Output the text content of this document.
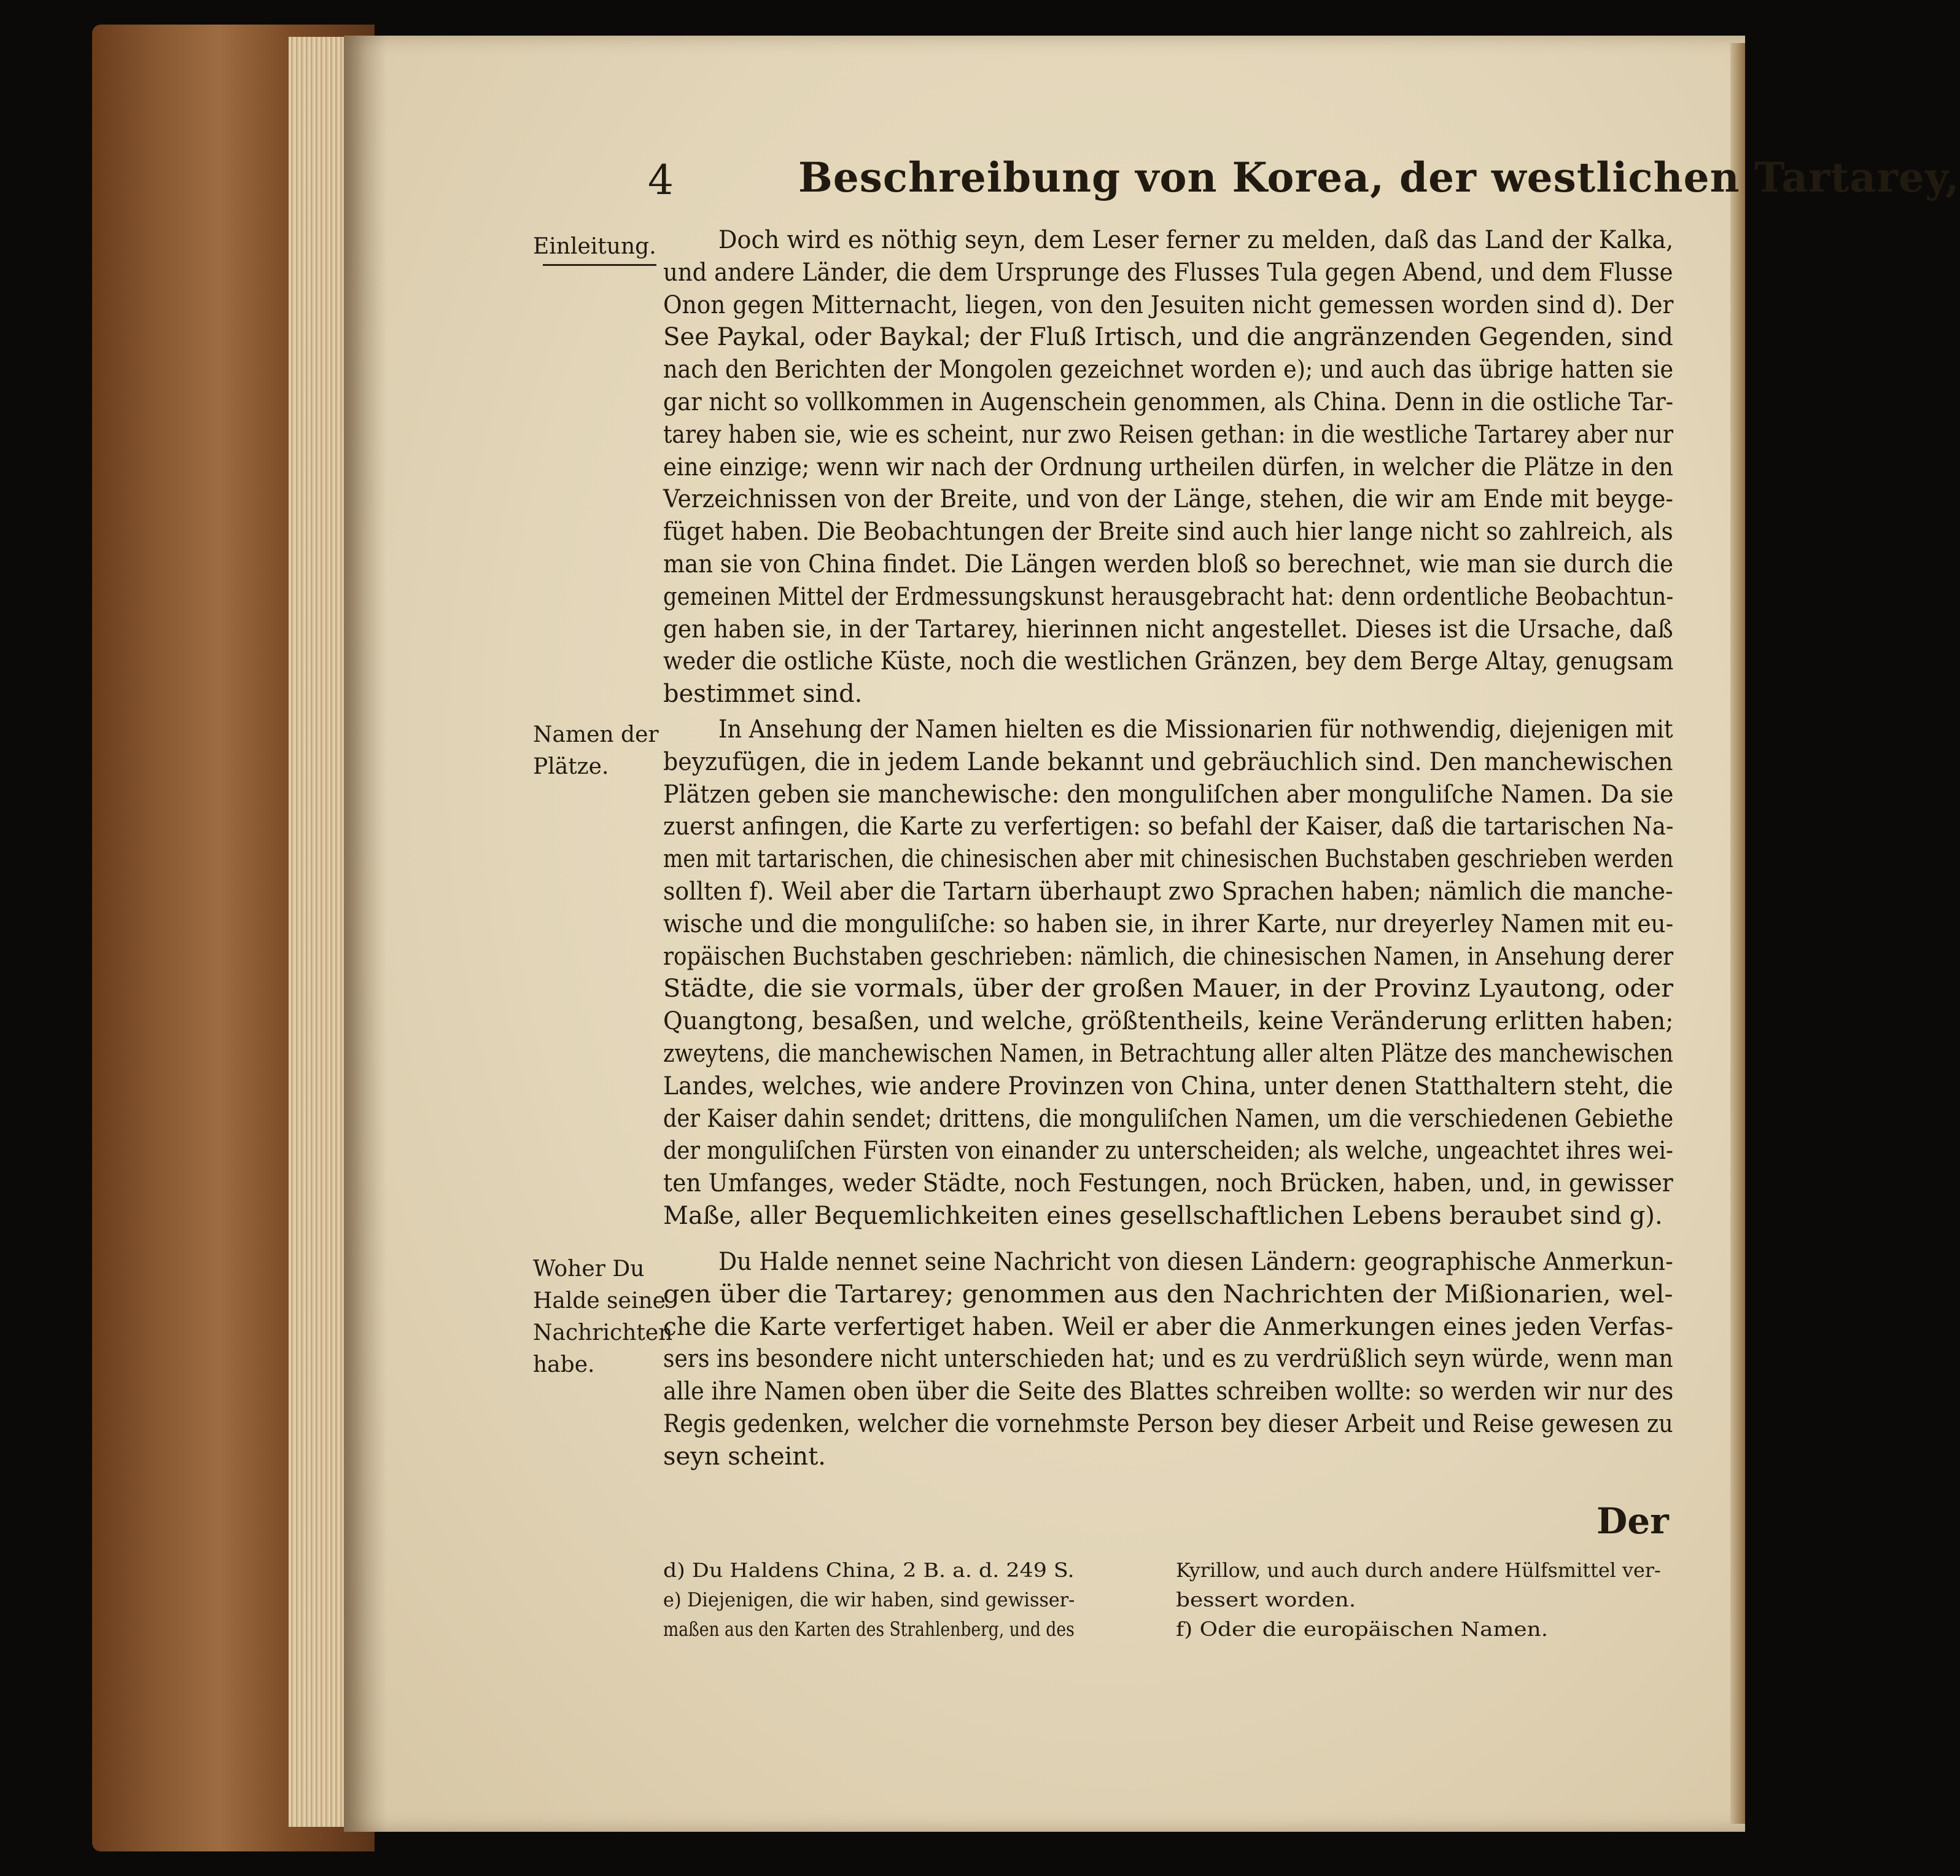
4	Beschreibung von Korea, der westlichen Tartarey,
Einleitung.
Namen der
Plätze.
Woher Du
Halde seine
Nachrichten
habe.
Doch wird es nöthig seyn, dem Leser ferner zu melden, daß das Land der Kalka,
und andere Länder, die dem Ursprunge des Flusses Tula gegen Abend, und dem Flusse
Onon gegen Mitternacht, liegen, von den Jesuiten nicht gemessen worden sind d). Der
See Paykal, oder Baykal; der Fluß Irtisch, und die angränzenden Gegenden, sind
nach den Berichten der Mongolen gezeichnet worden e); und auch das übrige hatten sie
gar nicht so vollkommen in Augenschein genommen, als China. Denn in die ostliche Tar-
tarey haben sie, wie es scheint, nur zwo Reisen gethan: in die westliche Tartarey aber nur
eine einzige; wenn wir nach der Ordnung urtheilen dürfen, in welcher die Plätze in den
Verzeichnissen von der Breite, und von der Länge, stehen, die wir am Ende mit beyge-
füget haben. Die Beobachtungen der Breite sind auch hier lange nicht so zahlreich, als
man sie von China findet. Die Längen werden bloß so berechnet, wie man sie durch die
gemeinen Mittel der Erdmessungskunst herausgebracht hat: denn ordentliche Beobachtun-
gen haben sie, in der Tartarey, hierinnen nicht angestellet. Dieses ist die Ursache, daß
weder die ostliche Küste, noch die westlichen Gränzen, bey dem Berge Altay, genugsam
bestimmet sind.
In Ansehung der Namen hielten es die Missionarien für nothwendig, diejenigen mit
beyzufügen, die in jedem Lande bekannt und gebräuchlich sind. Den manchewischen
Plätzen geben sie manchewische: den monguliſchen aber monguliſche Namen. Da sie
zuerst anfingen, die Karte zu verfertigen: so befahl der Kaiser, daß die tartarischen Na-
men mit tartarischen, die chinesischen aber mit chinesischen Buchstaben geschrieben werden
sollten f). Weil aber die Tartarn überhaupt zwo Sprachen haben; nämlich die manche-
wische und die monguliſche: so haben sie, in ihrer Karte, nur dreyerley Namen mit eu-
ropäischen Buchstaben geschrieben: nämlich, die chinesischen Namen, in Ansehung derer
Städte, die sie vormals, über der großen Mauer, in der Provinz Lyautong, oder
Quangtong, besaßen, und welche, größtentheils, keine Veränderung erlitten haben;
zweytens, die manchewischen Namen, in Betrachtung aller alten Plätze des manchewischen
Landes, welches, wie andere Provinzen von China, unter denen Statthaltern steht, die
der Kaiser dahin sendet; drittens, die monguliſchen Namen, um die verschiedenen Gebiethe
der monguliſchen Fürsten von einander zu unterscheiden; als welche, ungeachtet ihres wei-
ten Umfanges, weder Städte, noch Festungen, noch Brücken, haben, und, in gewisser
Maße, aller Bequemlichkeiten eines gesellschaftlichen Lebens beraubet sind g).
Du Halde nennet seine Nachricht von diesen Ländern: geographische Anmerkun-
gen über die Tartarey; genommen aus den Nachrichten der Mißionarien, wel-
che die Karte verfertiget haben. Weil er aber die Anmerkungen eines jeden Verfas-
sers ins besondere nicht unterschieden hat; und es zu verdrüßlich seyn würde, wenn man
alle ihre Namen oben über die Seite des Blattes schreiben wollte: so werden wir nur des
Regis gedenken, welcher die vornehmste Person bey dieser Arbeit und Reise gewesen zu
seyn scheint.
Der
d) Du Haldens China, 2 B. a. d. 249 S.
e) Diejenigen, die wir haben, sind gewisser-
maßen aus den Karten des Strahlenberg, und des
Kyrillow, und auch durch andere Hülfsmittel ver-
bessert worden.
f) Oder die europäischen Namen.
